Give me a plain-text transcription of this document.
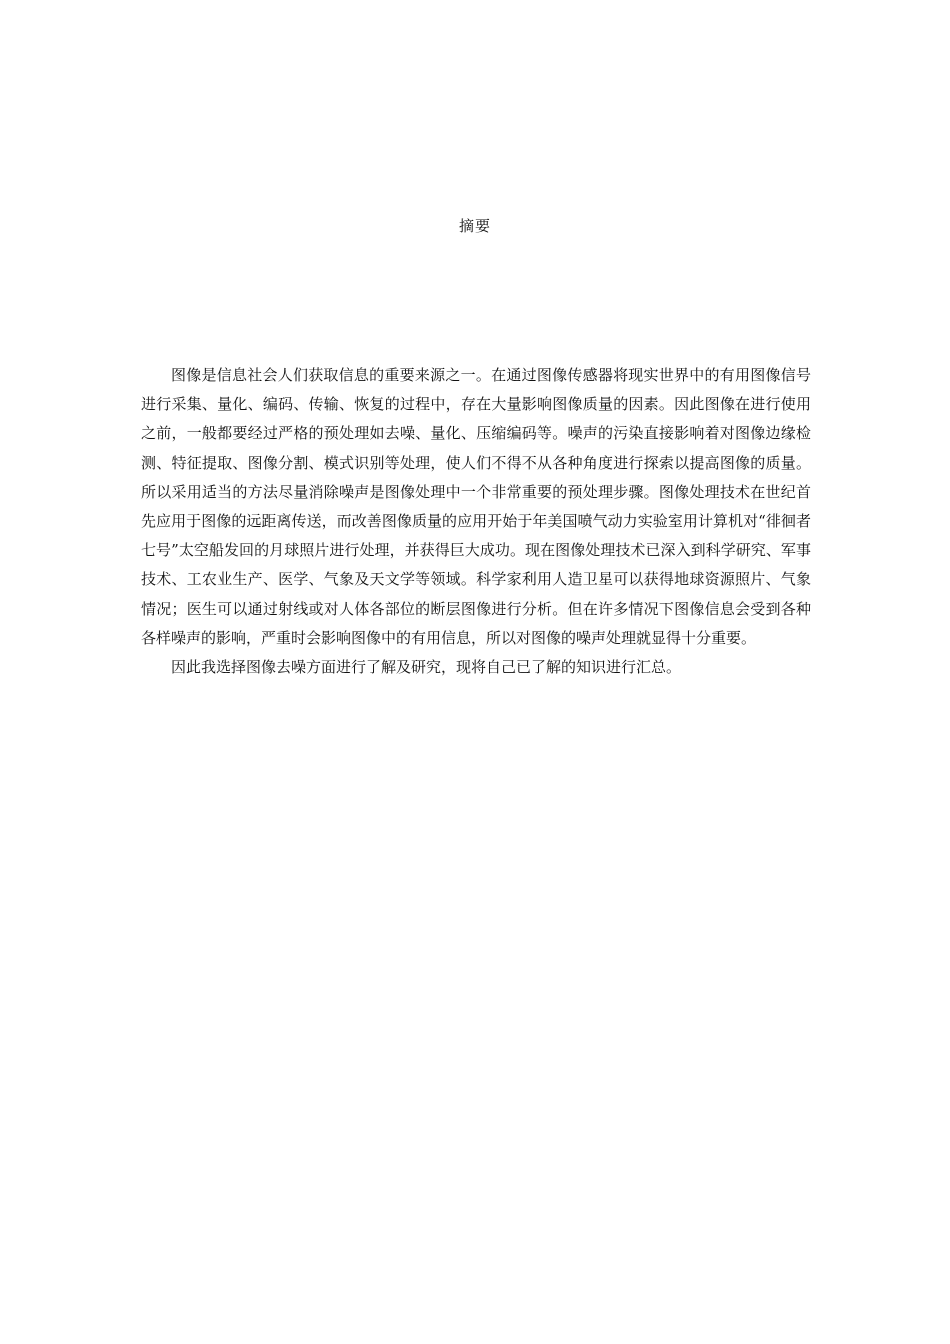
摘要

图像是信息社会人们获取信息的重要来源之一。在通过图像传感器将现实世界中的有用图像信号进行采集、量化、编码、传输、恢复的过程中，存在大量影响图像质量的因素。因此图像在进行使用之前，一般都要经过严格的预处理如去噪、量化、压缩编码等。噪声的污染直接影响着对图像边缘检测、特征提取、图像分割、模式识别等处理，使人们不得不从各种角度进行探索以提高图像的质量。所以采用适当的方法尽量消除噪声是图像处理中一个非常重要的预处理步骤。图像处理技术在世纪首先应用于图像的远距离传送，而改善图像质量的应用开始于年美国喷气动力实验室用计算机对“徘徊者七号”太空船发回的月球照片进行处理，并获得巨大成功。现在图像处理技术已深入到科学研究、军事技术、工农业生产、医学、气象及天文学等领域。科学家利用人造卫星可以获得地球资源照片、气象情况；医生可以通过射线或对人体各部位的断层图像进行分析。但在许多情况下图像信息会受到各种各样噪声的影响，严重时会影响图像中的有用信息，所以对图像的噪声处理就显得十分重要。

因此我选择图像去噪方面进行了解及研究，现将自己已了解的知识进行汇总。
